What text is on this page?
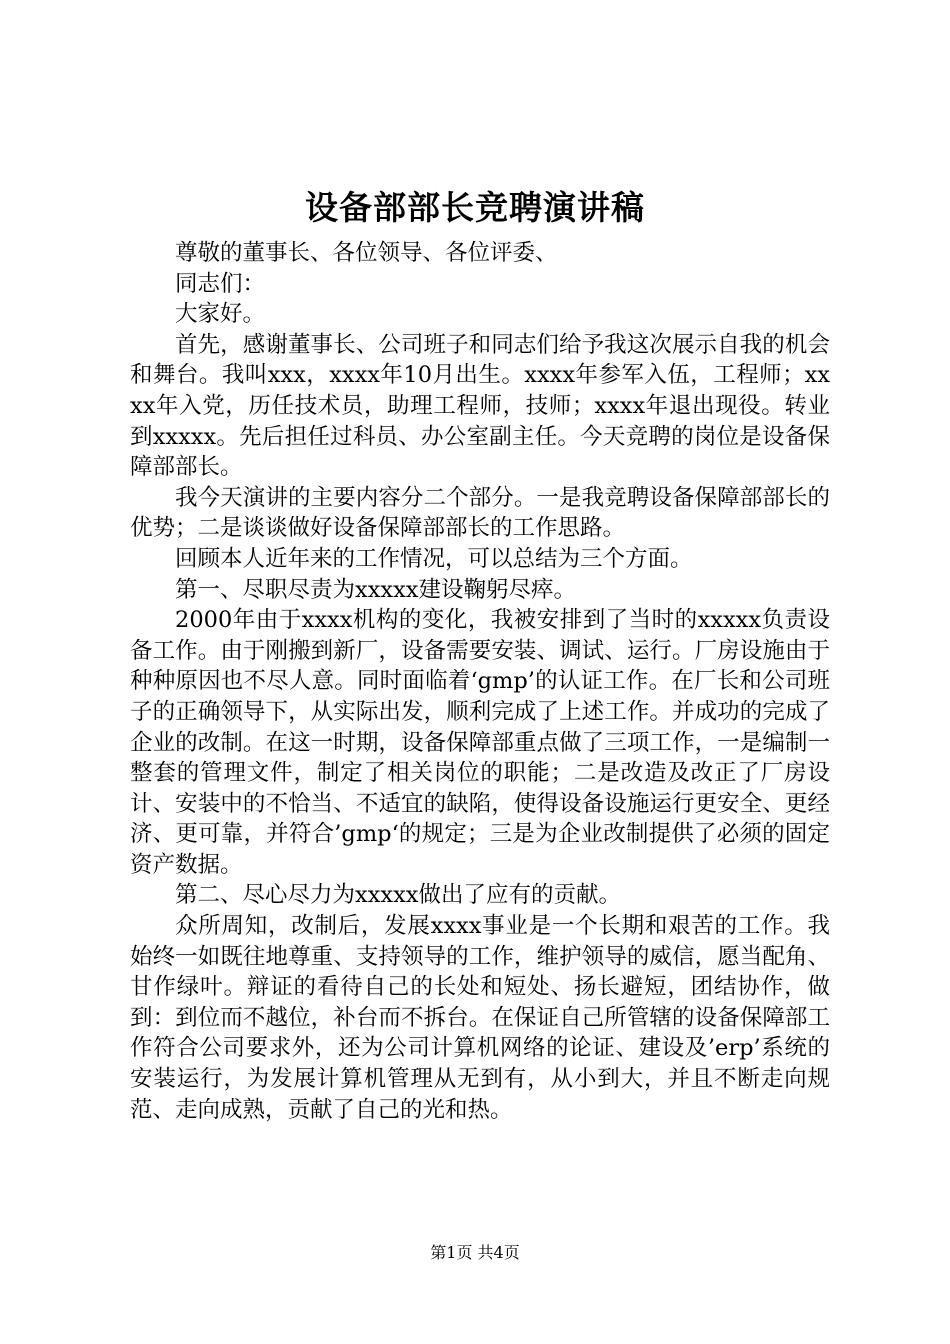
设备部部长竞聘演讲稿

尊敬的董事长、各位领导、各位评委、

同志们：

大家好。

首先，感谢董事长、公司班子和同志们给予我这次展示自我的机会和舞台。我叫xxx，xxxx年10月出生。xxxx年参军入伍，工程师；xxxx年入党，历任技术员，助理工程师，技师；xxxx年退出现役。转业到xxxxx。先后担任过科员、办公室副主任。今天竞聘的岗位是设备保障部部长。

我今天演讲的主要内容分二个部分。一是我竞聘设备保障部部长的优势；二是谈谈做好设备保障部部长的工作思路。

回顾本人近年来的工作情况，可以总结为三个方面。

第一、尽职尽责为xxxxx建设鞠躬尽瘁。

2000年由于xxxx机构的变化，我被安排到了当时的xxxxx负责设备工作。由于刚搬到新厂，设备需要安装、调试、运行。厂房设施由于种种原因也不尽人意。同时面临着‘gmp’的认证工作。在厂长和公司班子的正确领导下，从实际出发，顺利完成了上述工作。并成功的完成了企业的改制。在这一时期，设备保障部重点做了三项工作，一是编制一整套的管理文件，制定了相关岗位的职能；二是改造及改正了厂房设计、安装中的不恰当、不适宜的缺陷，使得设备设施运行更安全、更经济、更可靠，并符合’gmp‘的规定；三是为企业改制提供了必须的固定资产数据。

第二、尽心尽力为xxxxx做出了应有的贡献。

众所周知，改制后，发展xxxx事业是一个长期和艰苦的工作。我始终一如既往地尊重、支持领导的工作，维护领导的威信，愿当配角、甘作绿叶。辩证的看待自己的长处和短处、扬长避短，团结协作，做到：到位而不越位，补台而不拆台。在保证自己所管辖的设备保障部工作符合公司要求外，还为公司计算机网络的论证、建设及’erp’系统的安装运行，为发展计算机管理从无到有，从小到大，并且不断走向规范、走向成熟，贡献了自己的光和热。

第1页 共4页
